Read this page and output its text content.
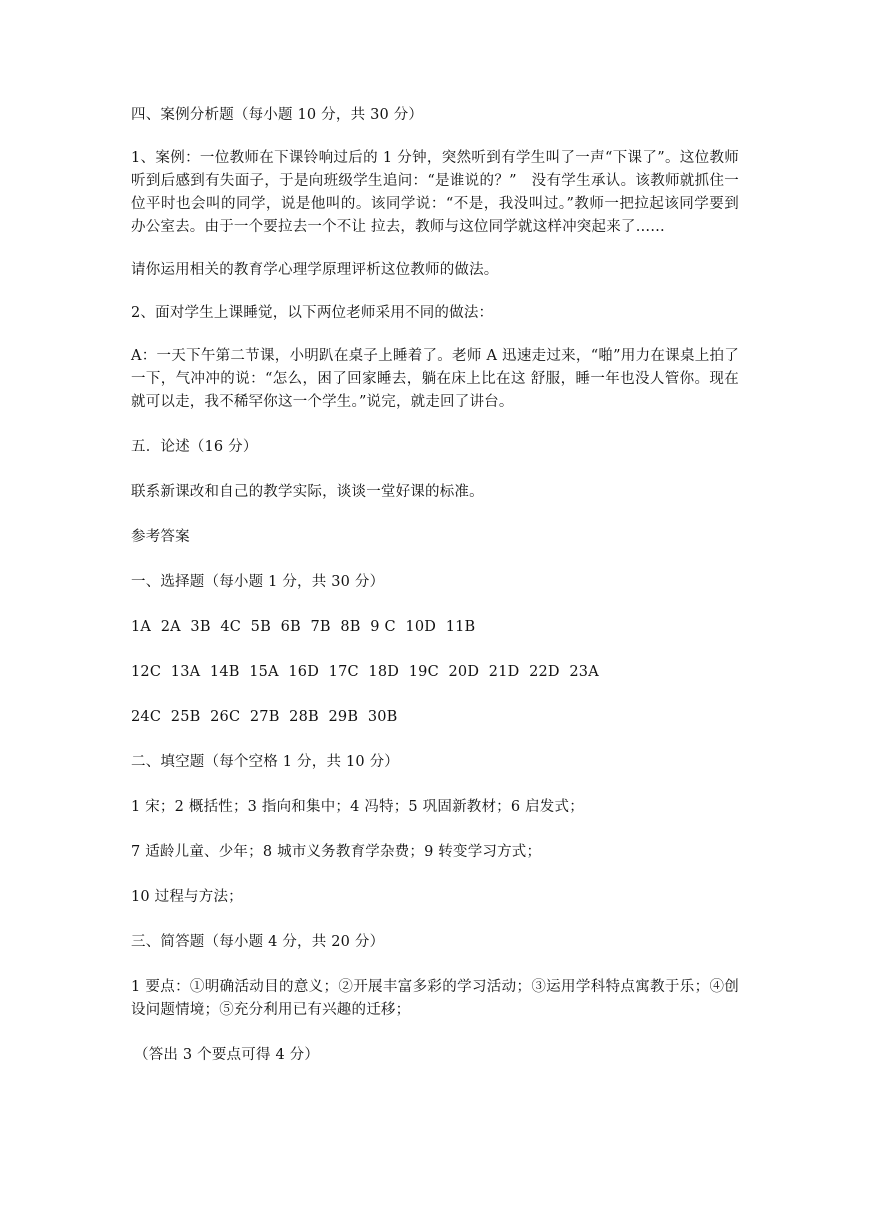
四、案例分析题（每小题 10 分，共 30 分）

1、案例：一位教师在下课铃响过后的 1 分钟，突然听到有学生叫了一声“下课了”。这位教师听到后感到有失面子，于是向班级学生追问：“是谁说的？”　没有学生承认。该教师就抓住一位平时也会叫的同学，说是他叫的。该同学说：“不是，我没叫过。”教师一把拉起该同学要到办公室去。由于一个要拉去一个不让 拉去，教师与这位同学就这样冲突起来了……

请你运用相关的教育学心理学原理评析这位教师的做法。

2、面对学生上课睡觉，以下两位老师采用不同的做法：

A：一天下午第二节课，小明趴在桌子上睡着了。老师 A 迅速走过来，“啪”用力在课桌上拍了一下，气冲冲的说：“怎么，困了回家睡去，躺在床上比在这 舒服，睡一年也没人管你。现在就可以走，我不稀罕你这一个学生。”说完，就走回了讲台。

五．论述（16 分）

联系新课改和自己的教学实际，谈谈一堂好课的标准。

参考答案

一、选择题（每小题 1 分，共 30 分）

1A  2A  3B  4C  5B  6B  7B  8B  9 C  10D  11B

12C  13A  14B  15A  16D  17C  18D  19C  20D  21D  22D  23A

24C  25B  26C  27B  28B  29B  30B

二、填空题（每个空格 1 分，共 10 分）

1 宋；2 概括性；3 指向和集中；4 冯特；5 巩固新教材；6 启发式；

7 适龄儿童、少年；8 城市义务教育学杂费；9 转变学习方式；

10 过程与方法；

三、简答题（每小题 4 分，共 20 分）

1 要点：①明确活动目的意义；②开展丰富多彩的学习活动；③运用学科特点寓教于乐；④创设问题情境；⑤充分利用已有兴趣的迁移；

（答出 3 个要点可得 4 分）
